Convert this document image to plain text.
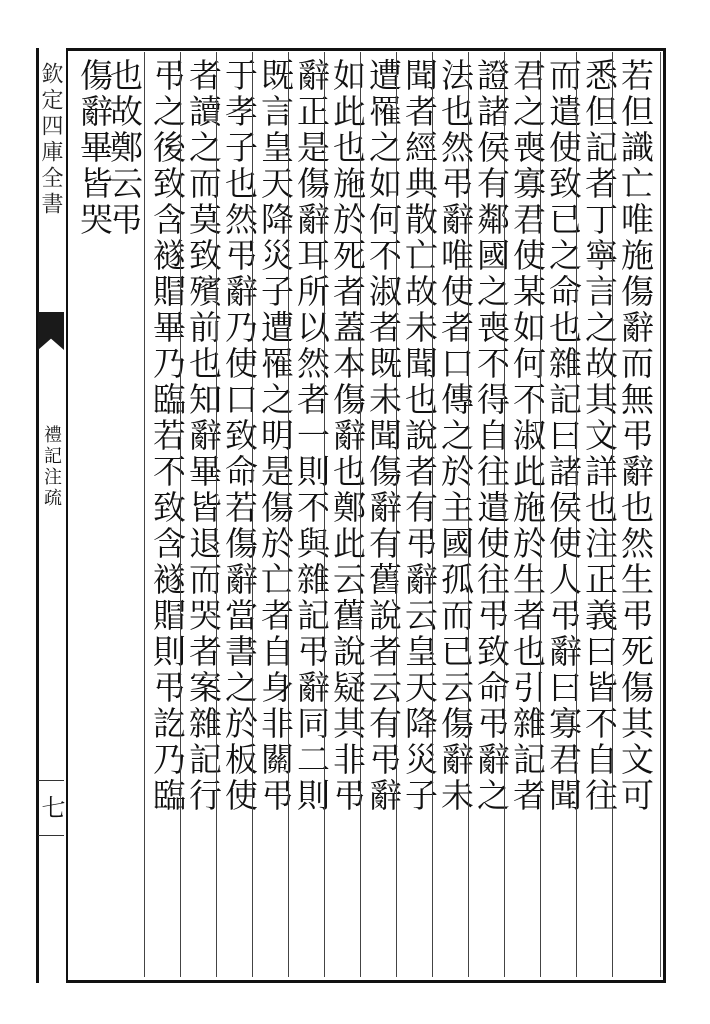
欽定四庫全書
禮記注疏
七	若但識亡唯施傷辭而無弔辭也然生弔死傷其文可
悉但記者丁寧言之故其文詳也注正義曰皆不自往
而遣使致已之命也雜記曰諸侯使人弔辭曰寡君聞
君之喪寡君使某如何不淑此施於生者也引雜記者
證諸侯有鄰國之喪不得自往遣使往弔致命弔辭之
法也然弔辭唯使者口傳之於主國孤而已云傷辭未
聞者經典散亡故未聞也說者有弔辭云皇天降災子
遭罹之如何不淑者既未聞傷辭有舊說者云有弔辭
如此也施於死者蓋本傷辭也鄭此云舊說疑其非弔
辭正是傷辭耳所以然者一則不與雜記弔辭同二則
既言皇天降災子遭罹之明是傷於亡者自身非關弔
于孝子也然弔辭乃使口致命若傷辭當書之於板使
者讀之而莫致殯前也知辭畢皆退而哭者案雜記行
弔之後致含襚賵畢乃臨若不致含襚賵則弔訖乃臨
也故鄭云弔
傷辭畢皆哭
